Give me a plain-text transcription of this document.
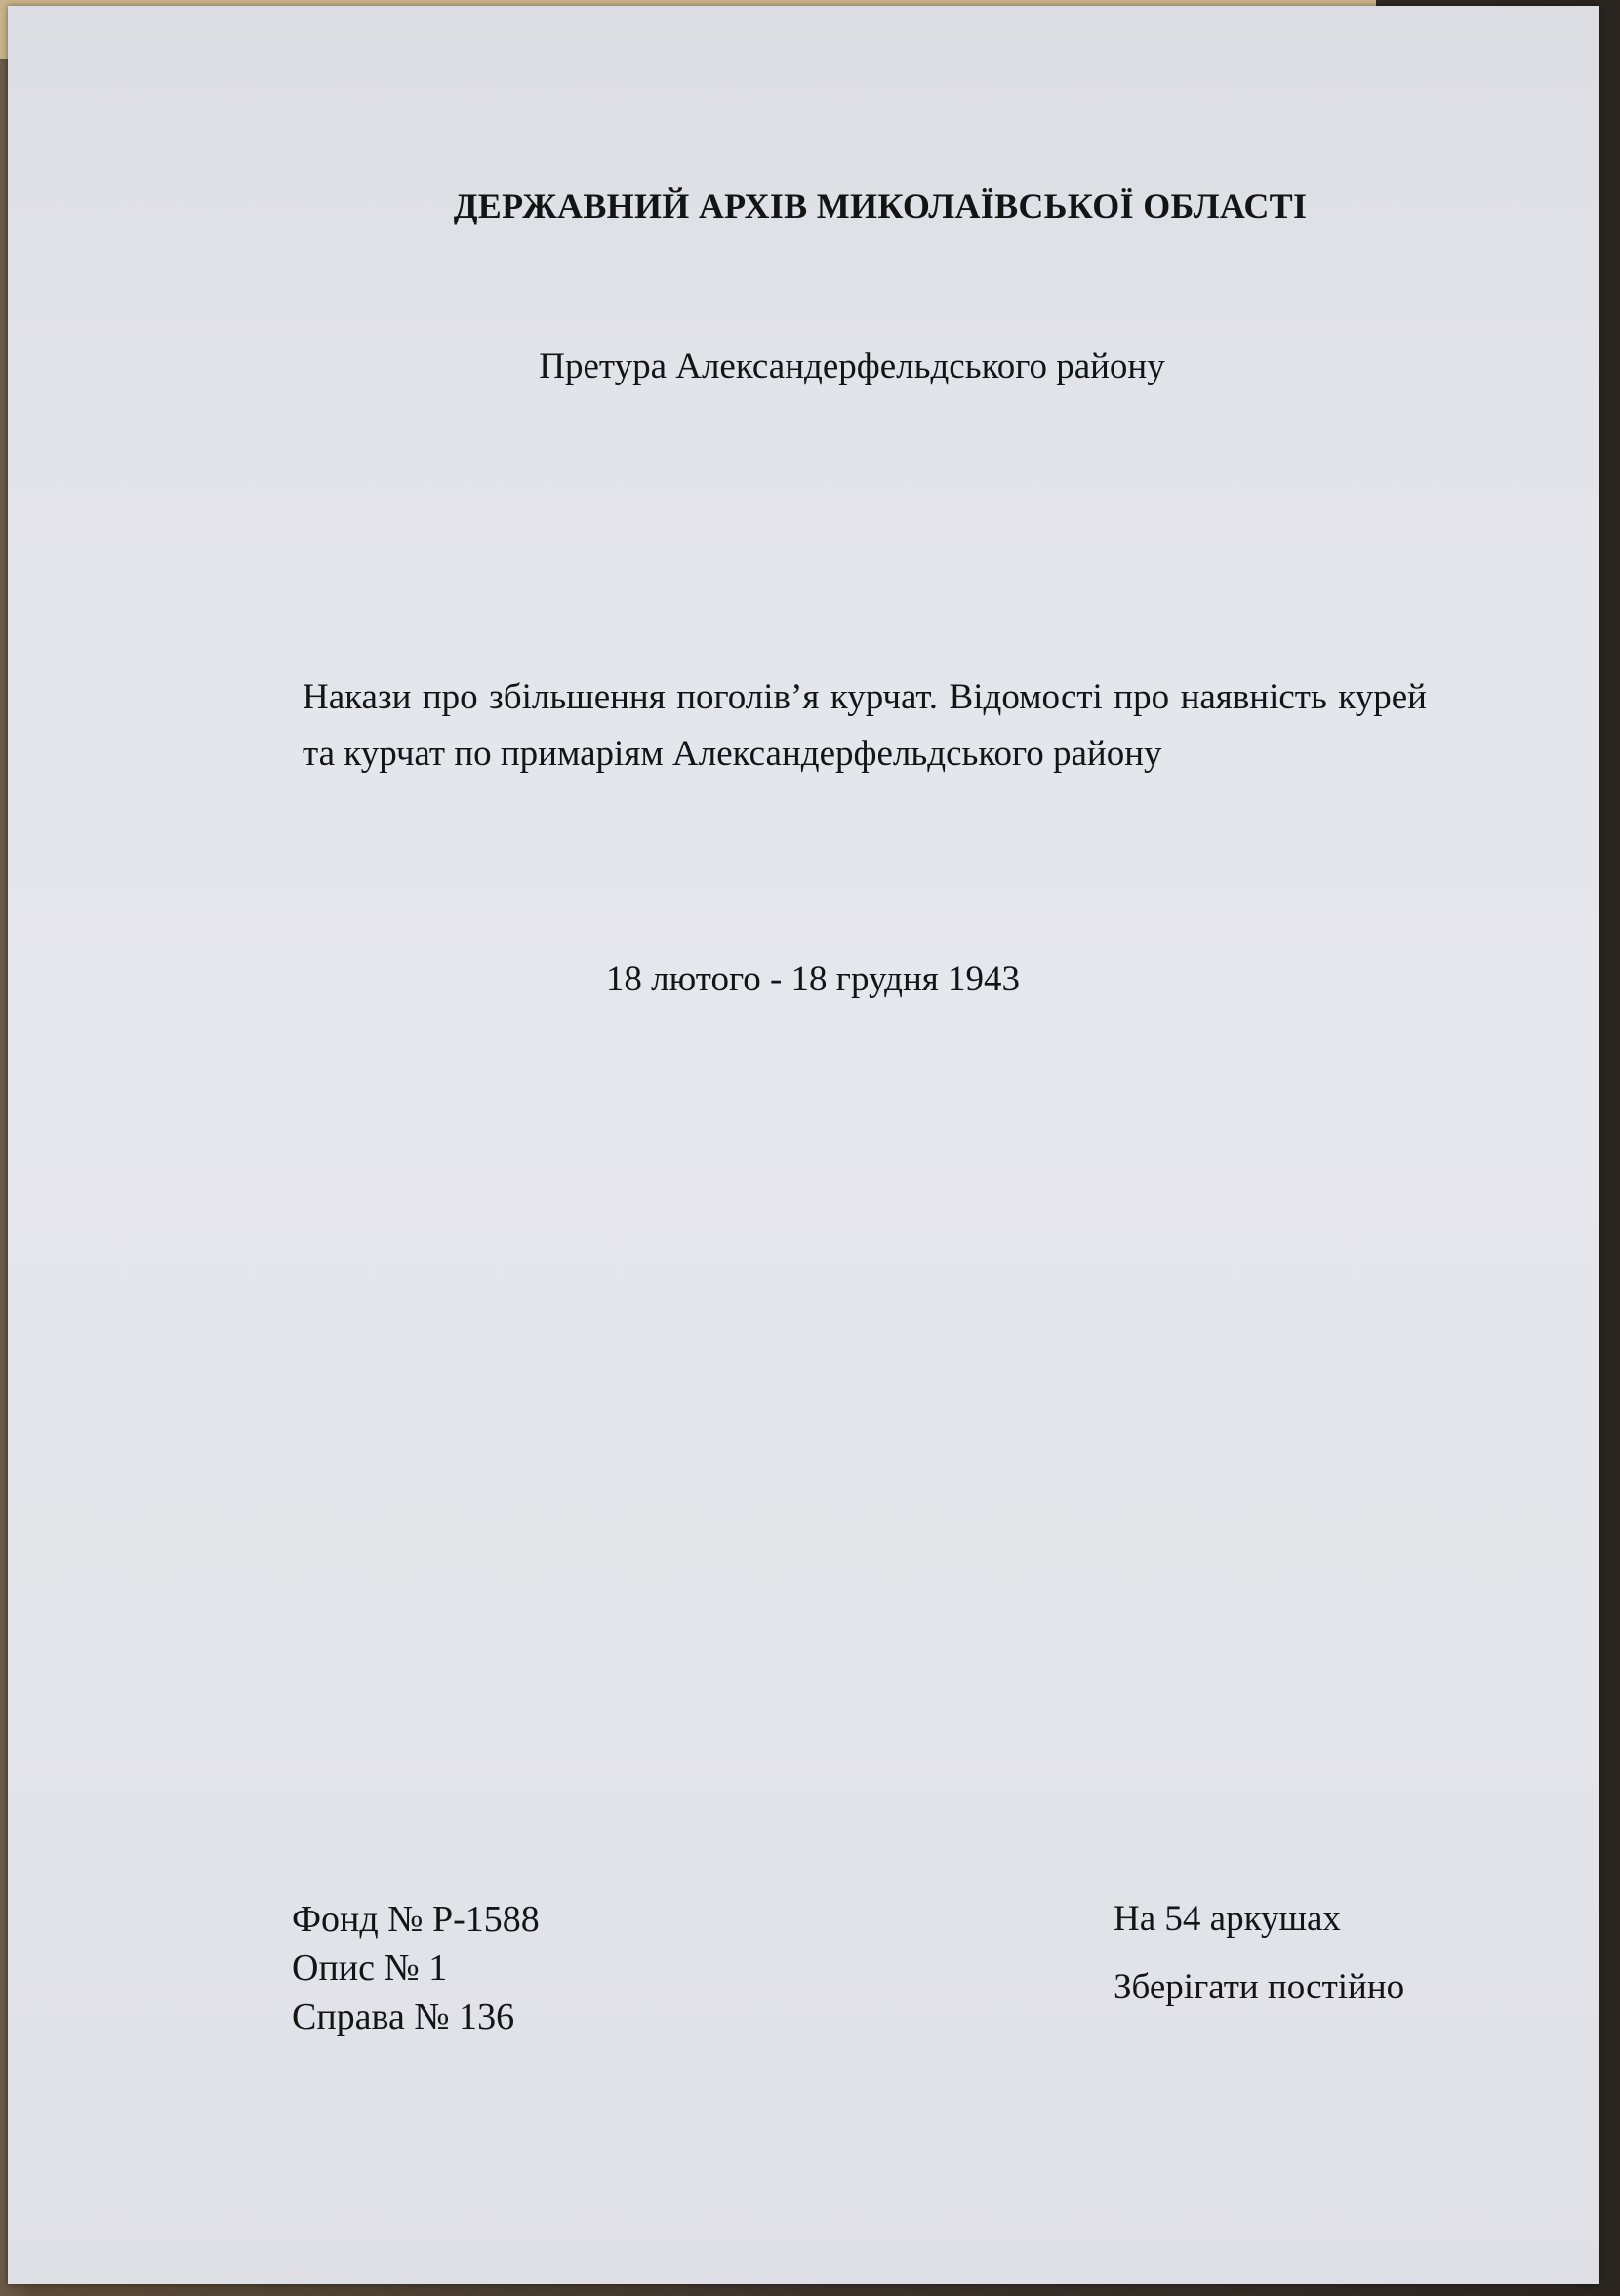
ДЕРЖАВНИЙ АРХІВ МИКОЛАЇВСЬКОЇ ОБЛАСТІ
Претура Александерфельдського району
Накази про збільшення поголів’я курчат. Відомості про наявність курей та курчат по примаріям Александерфельдського району
18 лютого - 18 грудня 1943
Фонд № Р-1588
Опис № 1
Справа № 136
На 54 аркушах
Зберігати постійно
